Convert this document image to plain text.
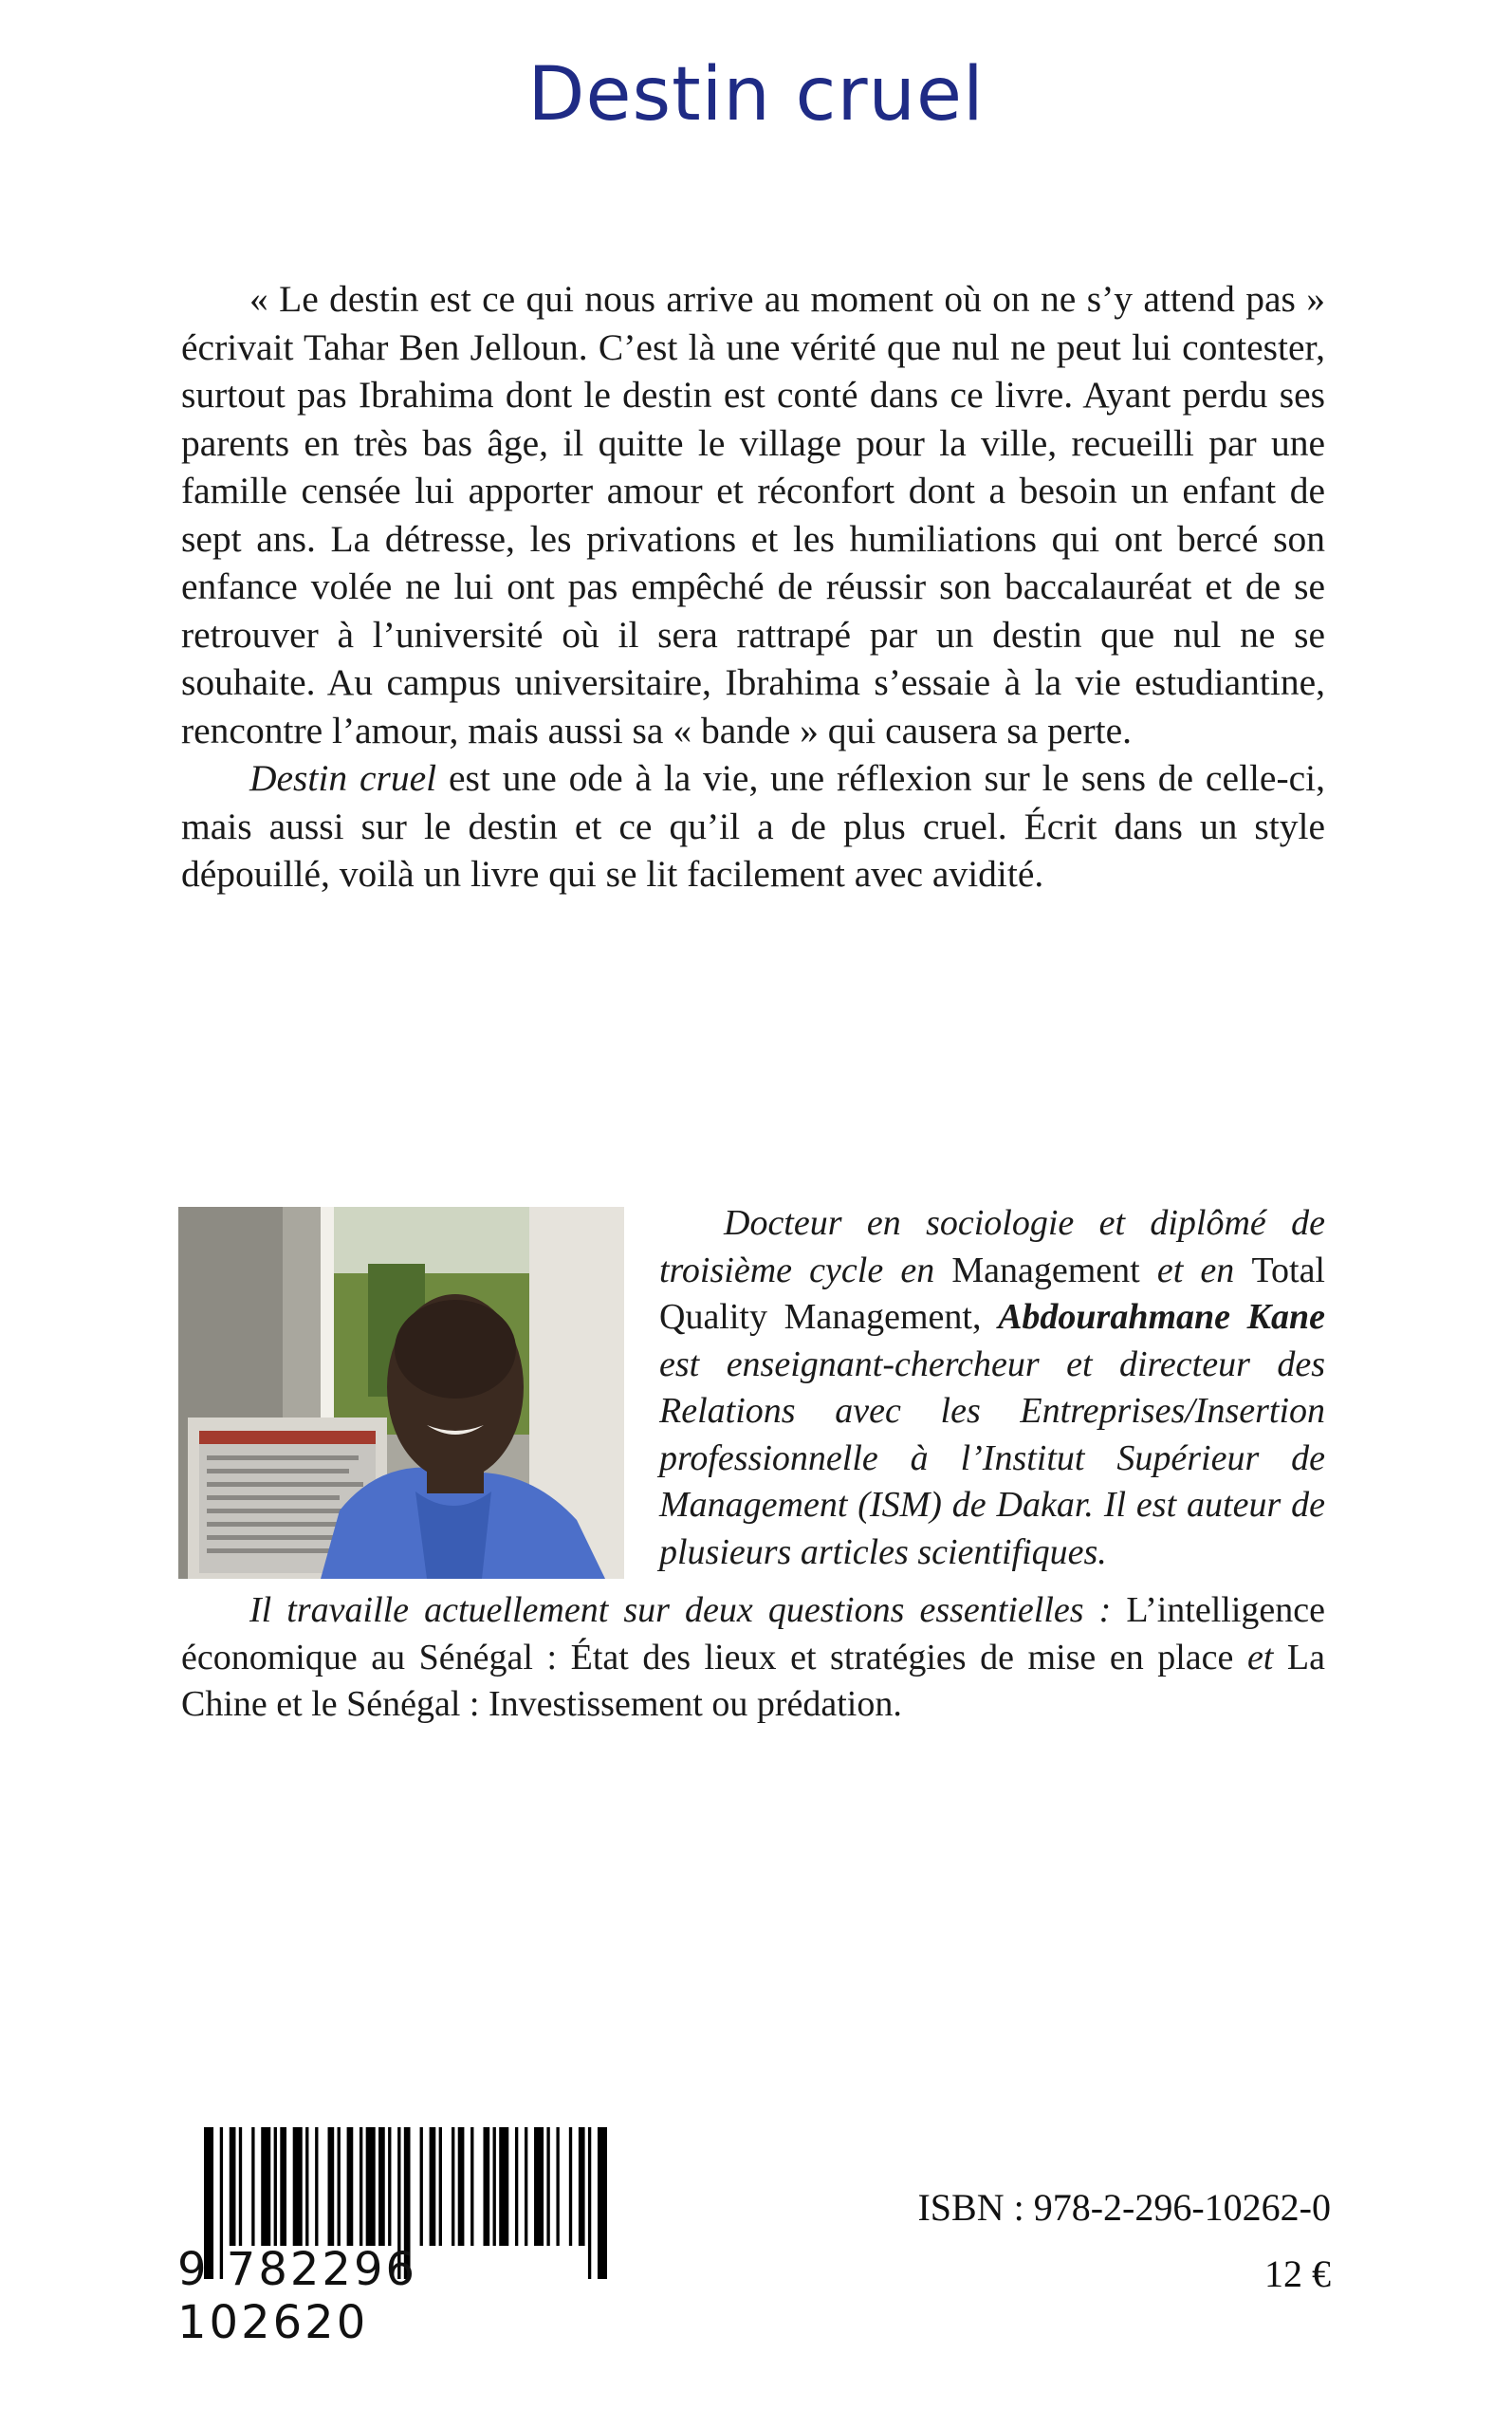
Destin cruel

« Le destin est ce qui nous arrive au moment où on ne s’y attend pas » écrivait Tahar Ben Jelloun. C’est là une vérité que nul ne peut lui contester, surtout pas Ibrahima dont le destin est conté dans ce livre. Ayant perdu ses parents en très bas âge, il quitte le village pour la ville, recueilli par une famille censée lui apporter amour et réconfort dont a besoin un enfant de sept ans. La détresse, les privations et les humiliations qui ont bercé son enfance volée ne lui ont pas empêché de réussir son baccalauréat et de se retrouver à l’université où il sera rattrapé par un destin que nul ne se souhaite. Au campus universitaire, Ibrahima s’essaie à la vie estudiantine, rencontre l’amour, mais aussi sa « bande » qui causera sa perte.

Destin cruel est une ode à la vie, une réflexion sur le sens de celle-ci, mais aussi sur le destin et ce qu’il a de plus cruel. Écrit dans un style dépouillé, voilà un livre qui se lit facilement avec avidité.

Docteur en sociologie et diplômé de troisième cycle en Management et en Total Quality Management, Abdourahmane Kane est enseignant-chercheur et directeur des Relations avec les Entreprises/Insertion professionnelle à l’Institut Supérieur de Management (ISM) de Dakar. Il est auteur de plusieurs articles scientifiques.

Il travaille actuellement sur deux questions essentielles : L’intelligence économique au Sénégal : État des lieux et stratégies de mise en place et La Chine et le Sénégal : Investissement ou prédation.

9 782296 102620
ISBN : 978-2-296-10262-0
12 €
